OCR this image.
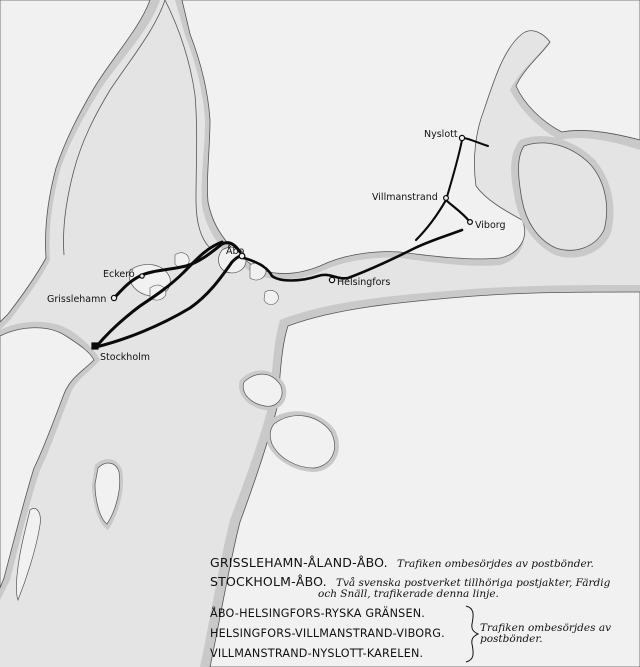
Nyslott
Villmanstrand
Viborg
Eckerö
Åbo
Helsingfors
Grisslehamn
Stockholm
GRISSLEHAMN-ÅLAND-ÅBO. Trafiken ombesörjdes av postbönder.
STOCKHOLM-ÅBO. Två svenska postverket tillhöriga postjakter, Färdig
och Snäll, trafikerade denna linje.
ÅBO-HELSINGFORS-RYSKA GRÄNSEN.
HELSINGFORS-VILLMANSTRAND-VIBORG.
VILLMANSTRAND-NYSLOTT-KARELEN.
Trafiken ombesörjdes av
postbönder.
